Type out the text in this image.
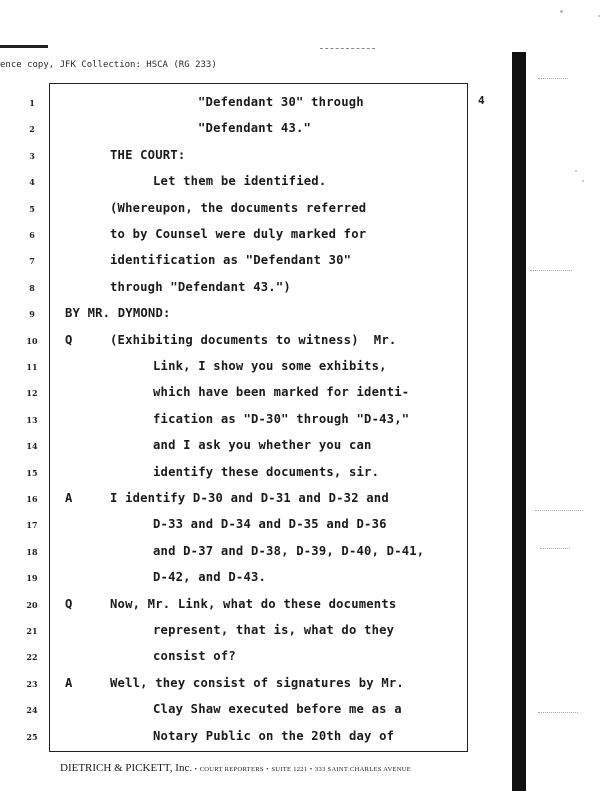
ence copy, JFK Collection: HSCA (RG 233)
4
1	"Defendant 30" through
2	"Defendant 43."
3	THE COURT:
4	Let them be identified.
5	(Whereupon, the documents referred
6	to by Counsel were duly marked for
7	identification as "Defendant 30"
8	through "Defendant 43.")
9	BY MR. DYMOND:
10	Q	(Exhibiting documents to witness)  Mr.
11	Link, I show you some exhibits,
12	which have been marked for identi-
13	fication as "D-30" through "D-43,"
14	and I ask you whether you can
15	identify these documents, sir.
16	A	I identify D-30 and D-31 and D-32 and
17	D-33 and D-34 and D-35 and D-36
18	and D-37 and D-38, D-39, D-40, D-41,
19	D-42, and D-43.
20	Q	Now, Mr. Link, what do these documents
21	represent, that is, what do they
22	consist of?
23	A	Well, they consist of signatures by Mr.
24	Clay Shaw executed before me as a
25	Notary Public on the 20th day of
DIETRICH & PICKETT, Inc. • COURT REPORTERS • SUITE 1221 • 333 SAINT CHARLES AVENUE
